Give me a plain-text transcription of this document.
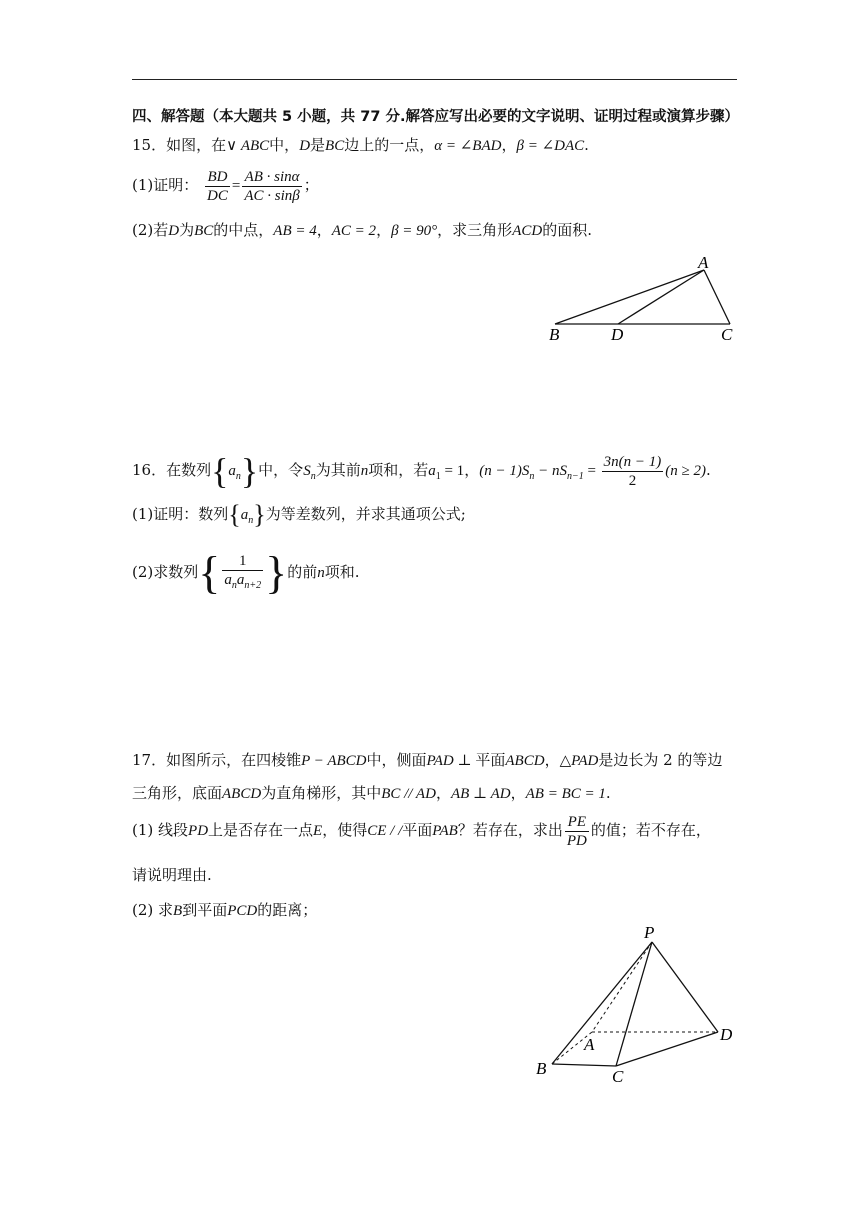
四、解答题（本大题共 5 小题，共 77 分.解答应写出必要的文字说明、证明过程或演算步骤）
15．如图，在∨ ABC中，D是BC边上的一点，α = ∠BAD，β = ∠DAC.
(1)证明： $\frac{BD}{DC} = \frac{AB \cdot \sin\alpha}{AC \cdot \sin\beta}$ ；
(2)若D为BC的中点，AB = 4，AC = 2，β = 90°，求三角形ACD的面积.
A
B	D	C
16．在数列$\{a_n\}$中，令$S_n$为其前n项和，若$a_1 = 1$，$(n - 1)S_n - nS_{n-1} = \frac{3n(n - 1)}{2} (n \ge 2)$.
(1)证明：数列$\{a_n\}$为等差数列，并求其通项公式;
(2)求数列{ $\frac{1}{a_na_{n+2}}$ }的前n项和.
17．如图所示，在四棱锥P − ABCD中，侧面PAD ⊥ 平面ABCD，△PAD是边长为 2 的等边
三角形，底面ABCD为直角梯形，其中BC // AD，AB ⊥ AD，AB = BC = 1.
(1) 线段PD上是否存在一点E，使得CE / /平面PAB？若存在，求出 $\frac{PE}{PD}$ 的值；若不存在，
请说明理由.
(2) 求B到平面PCD的距离；
P
A
D
B	C
